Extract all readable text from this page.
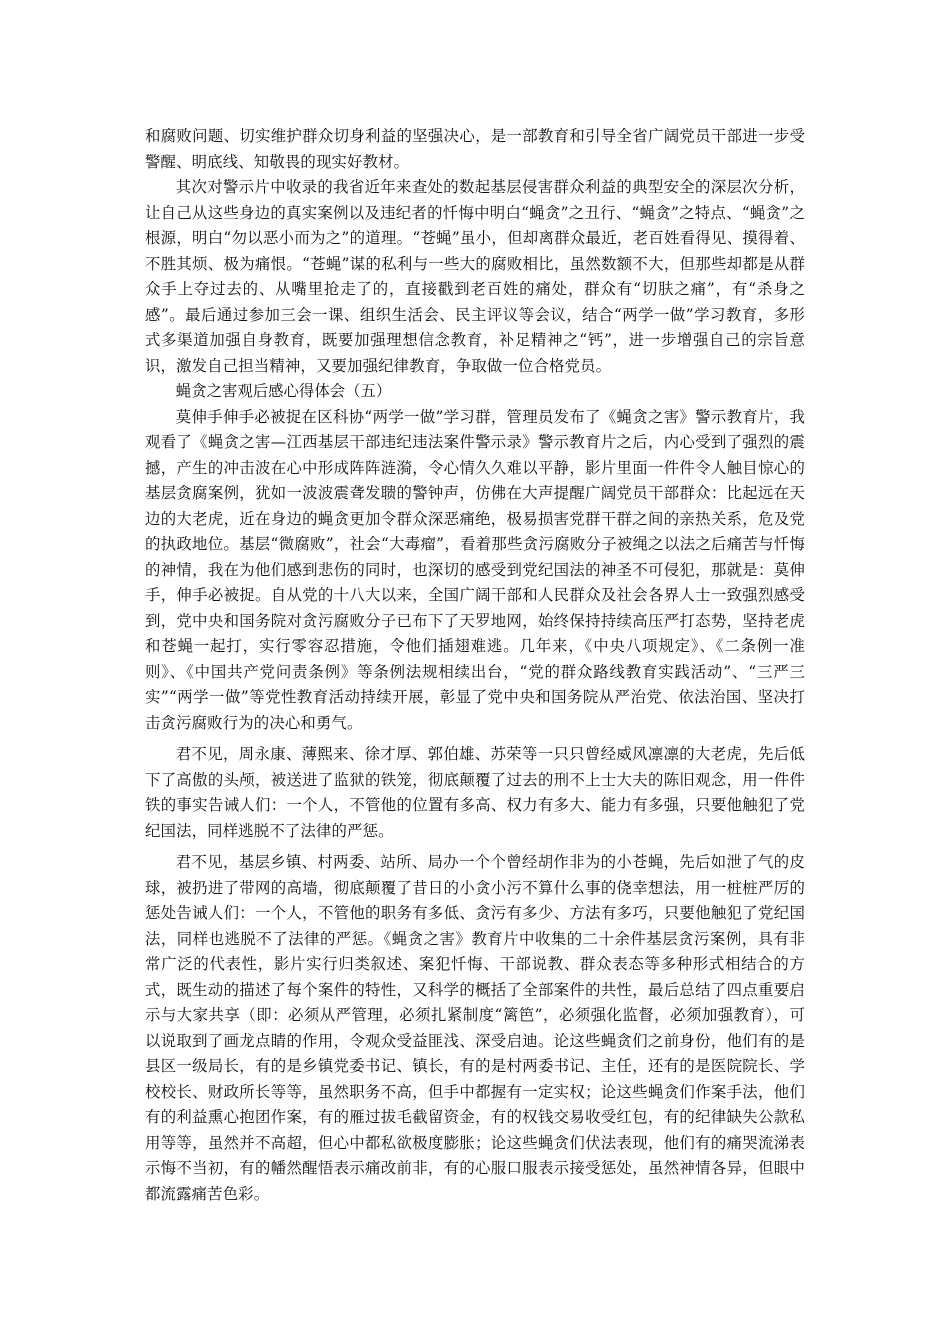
和腐败问题、切实维护群众切身利益的坚强决心，是一部教育和引导全省广阔党员干部进一步受警醒、明底线、知敬畏的现实好教材。

其次对警示片中收录的我省近年来查处的数起基层侵害群众利益的典型安全的深层次分析，让自己从这些身边的真实案例以及违纪者的忏悔中明白“蝇贪”之丑行、“蝇贪”之特点、“蝇贪”之根源，明白“勿以恶小而为之”的道理。“苍蝇”虽小，但却离群众最近，老百姓看得见、摸得着、不胜其烦、极为痛恨。“苍蝇”谋的私利与一些大的腐败相比，虽然数额不大，但那些却都是从群众手上夺过去的、从嘴里抢走了的，直接戳到老百姓的痛处，群众有“切肤之痛”，有“杀身之感”。最后通过参加三会一课、组织生活会、民主评议等会议，结合“两学一做”学习教育，多形式多渠道加强自身教育，既要加强理想信念教育，补足精神之“钙”，进一步增强自己的宗旨意识，激发自己担当精神，又要加强纪律教育，争取做一位合格党员。

蝇贪之害观后感心得体会（五）

莫伸手伸手必被捉在区科协“两学一做”学习群，管理员发布了《蝇贪之害》警示教育片，我观看了《蝇贪之害—江西基层干部违纪违法案件警示录》警示教育片之后，内心受到了强烈的震撼，产生的冲击波在心中形成阵阵涟漪，令心情久久难以平静，影片里面一件件令人触目惊心的基层贪腐案例，犹如一波波震聋发聩的警钟声，仿佛在大声提醒广阔党员干部群众：比起远在天边的大老虎，近在身边的蝇贪更加令群众深恶痛绝，极易损害党群干群之间的亲热关系，危及党的执政地位。基层“微腐败”，社会“大毒瘤”，看着那些贪污腐败分子被绳之以法之后痛苦与忏悔的神情，我在为他们感到悲伤的同时，也深切的感受到党纪国法的神圣不可侵犯，那就是：莫伸手，伸手必被捉。自从党的十八大以来，全国广阔干部和人民群众及社会各界人士一致强烈感受到，党中央和国务院对贪污腐败分子已布下了天罗地网，始终保持持续高压严打态势，坚持老虎和苍蝇一起打，实行零容忍措施，令他们插翅难逃。几年来，《中央八项规定》、《二条例一准则》、《中国共产党问责条例》等条例法规相续出台，“党的群众路线教育实践活动”、“三严三实”“两学一做”等党性教育活动持续开展，彰显了党中央和国务院从严治党、依法治国、坚决打击贪污腐败行为的决心和勇气。

君不见，周永康、薄熙来、徐才厚、郭伯雄、苏荣等一只只曾经威风凛凛的大老虎，先后低下了高傲的头颅，被送进了监狱的铁笼，彻底颠覆了过去的刑不上士大夫的陈旧观念，用一件件铁的事实告诫人们：一个人，不管他的位置有多高、权力有多大、能力有多强，只要他触犯了党纪国法，同样逃脱不了法律的严惩。

君不见，基层乡镇、村两委、站所、局办一个个曾经胡作非为的小苍蝇，先后如泄了气的皮球，被扔进了带网的高墙，彻底颠覆了昔日的小贪小污不算什么事的侥幸想法，用一桩桩严厉的惩处告诫人们：一个人，不管他的职务有多低、贪污有多少、方法有多巧，只要他触犯了党纪国法，同样也逃脱不了法律的严惩。《蝇贪之害》教育片中收集的二十余件基层贪污案例，具有非常广泛的代表性，影片实行归类叙述、案犯忏悔、干部说教、群众表态等多种形式相结合的方式，既生动的描述了每个案件的特性，又科学的概括了全部案件的共性，最后总结了四点重要启示与大家共享（即：必须从严管理，必须扎紧制度“篱笆”，必须强化监督，必须加强教育），可以说取到了画龙点睛的作用，令观众受益匪浅、深受启迪。论这些蝇贪们之前身份，他们有的是县区一级局长，有的是乡镇党委书记、镇长，有的是村两委书记、主任，还有的是医院院长、学校校长、财政所长等等，虽然职务不高，但手中都握有一定实权；论这些蝇贪们作案手法，他们有的利益熏心抱团作案，有的雁过拔毛截留资金，有的权钱交易收受红包，有的纪律缺失公款私用等等，虽然并不高超，但心中都私欲极度膨胀；论这些蝇贪们伏法表现，他们有的痛哭流涕表示悔不当初，有的幡然醒悟表示痛改前非，有的心服口服表示接受惩处，虽然神情各异，但眼中都流露痛苦色彩。
